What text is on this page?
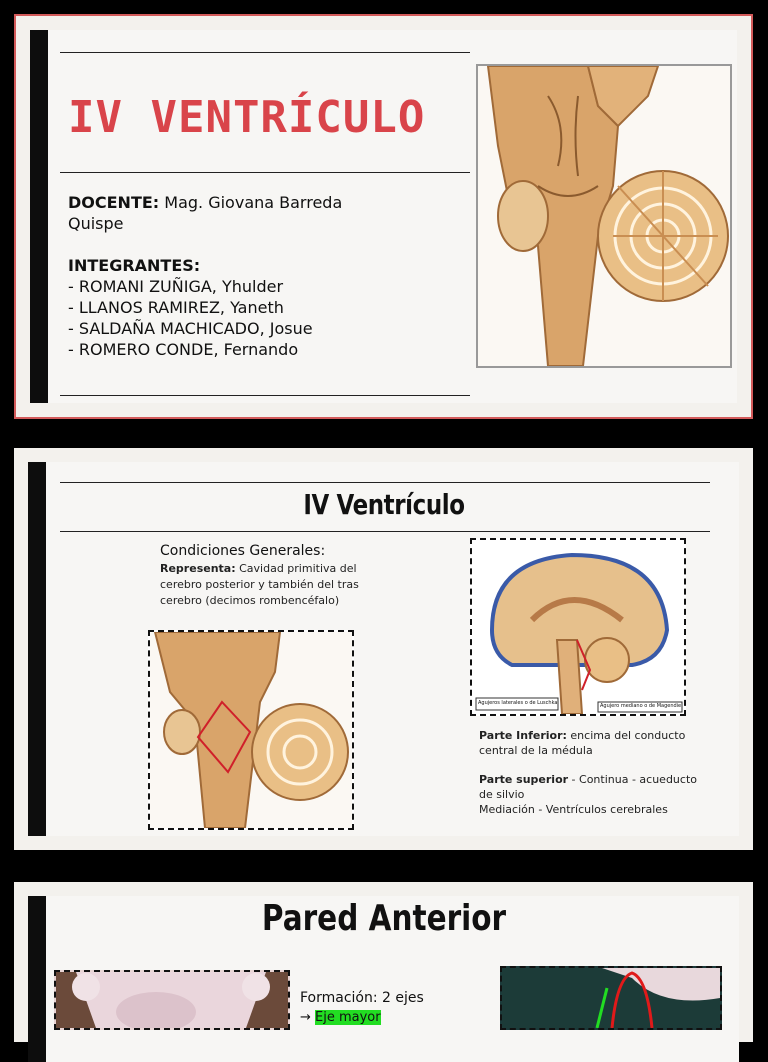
IV VENTRÍCULO
DOCENTE: Mag. Giovana Barreda Quispe
INTEGRANTES:
- ROMANI ZUÑIGA, Yhulder
- LLANOS RAMIREZ, Yaneth
- SALDAÑA MACHICADO, Josue
- ROMERO CONDE, Fernando
IV Ventrículo
Condiciones Generales:
Representa: Cavidad primitiva del cerebro posterior y también del tras cerebro (decimos rombencéfalo)
Agujeros laterales o de Luschka	Agujero mediano o de Magendie
Parte Inferior: encima del conducto central de la médula
Parte superior - Continua - acueducto de silvio
Mediación - Ventrículos cerebrales
Pared Anterior
Formación: 2 ejes
→ Eje mayor
